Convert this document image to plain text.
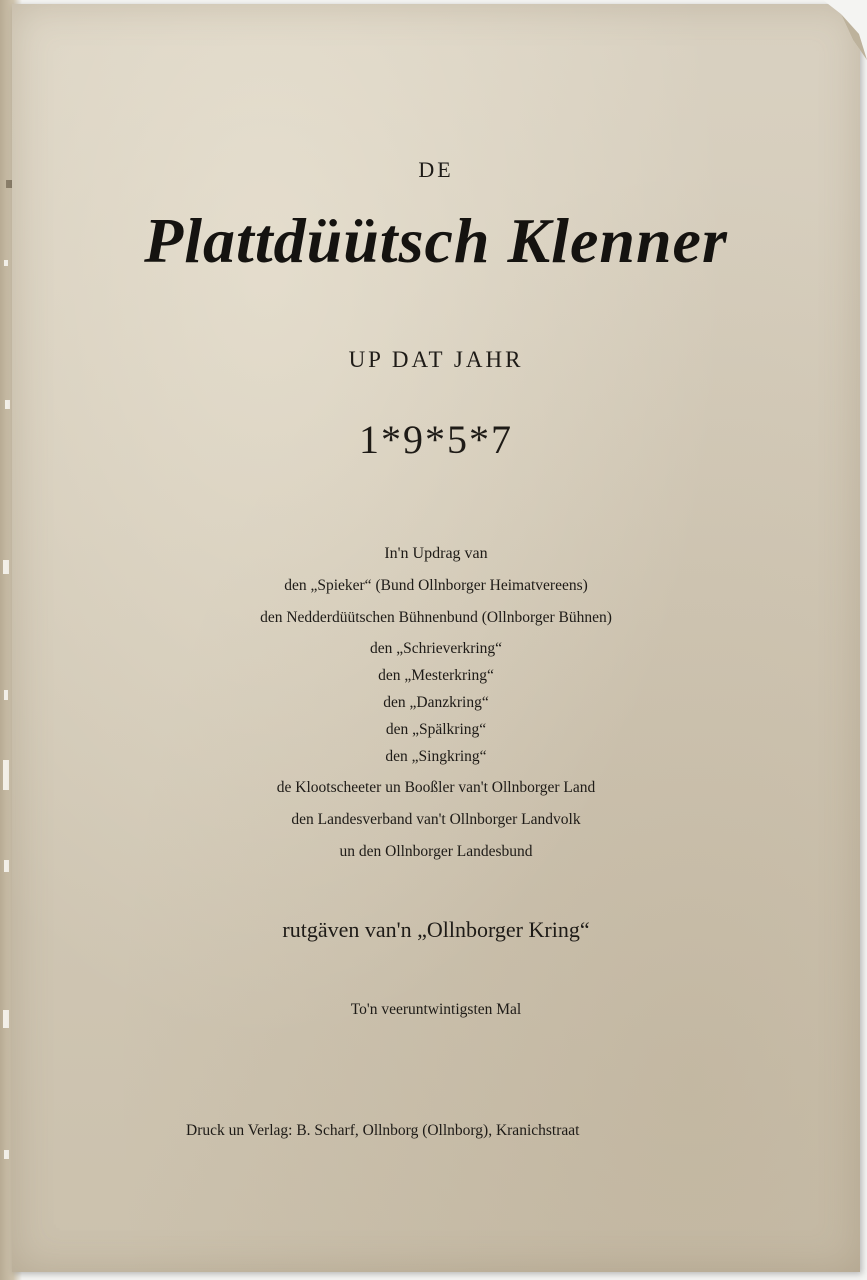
DE

Plattdüütsch Klenner

UP DAT JAHR

1*9*5*7

In'n Updrag van

den „Spieker“ (Bund Ollnborger Heimatvereens)

den Nedderdüütschen Bühnenbund (Ollnborger Bühnen)

den „Schrieverkring“

den „Mesterkring“

den „Danzkring“

den „Spälkring“

den „Singkring“

de Klootscheeter un Booßler van't Ollnborger Land

den Landesverband van't Ollnborger Landvolk

un den Ollnborger Landesbund

rutgäven van'n „Ollnborger Kring“

To'n veeruntwintigsten Mal

Druck un Verlag: B. Scharf, Ollnborg (Ollnborg), Kranichstraat
